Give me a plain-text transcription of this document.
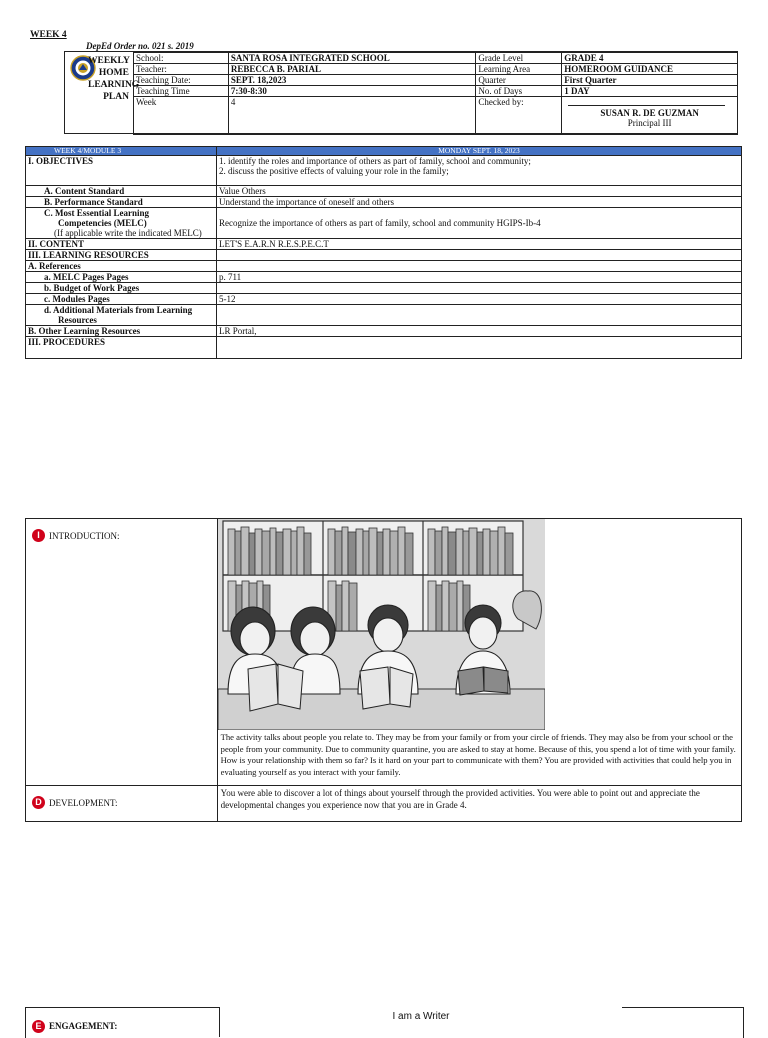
WEEK 4
DepEd Order no. 021 s. 2019
School:	SANTA ROSA INTEGRATED SCHOOL	Grade Level	GRADE 4
Teacher:	REBECCA B. PARIAL	Learning Area	HOMEROOM GUIDANCE
Teaching Date:	SEPT. 18,2023	Quarter	First Quarter
Teaching Time	7:30-8:30	No. of Days	1 DAY
Week	4	Checked by:	SUSAN R. DE GUZMAN
Principal III
WEEKLY
HOME
LEARNING
PLAN
WEEK 4/MODULE 3	MONDAY SEPT. 18, 2023
I. OBJECTIVES	1. identify the roles and importance of others as part of family, school and community;
2. discuss the positive effects of valuing your role in the family;

A. Content Standard	Value Others
B. Performance Standard	Understand the importance of oneself and others

C. Most Essential Learning
Competencies (MELC)
(If applicable write the indicated MELC)	Recognize the importance of others as part of family, school and community HGIPS-Ib-4
II. CONTENT	LET'S E.A.R.N R.E.S.P.E.C.T
III. LEARNING RESOURCES	
A. References	
a. MELC Pages Pages	p. 711
b. Budget of Work Pages	
c. Modules Pages	5-12

d. Additional Materials from Learning
Resources	

B. Other Learning Resources	LR Portal,
III. PROCEDURES	
I INTRODUCTION:	The activity talks about people you relate to. They may be from your family or from your circle of friends. They may also be from your school or the people from your community. Due to community quarantine, you are asked to stay at home. Because of this, you spend a lot of time with your family. How is your relationship with them so far? Is it hard on your part to communicate with them? You are provided with activities that could help you in evaluating yourself as you interact with your family.

D DEVELOPMENT:	You were able to discover a lot of things about yourself through the provided activities. You were able to point out and appreciate the developmental changes you experience now that you are in Grade 4.
E ENGAGEMENT:
I am a Writer
